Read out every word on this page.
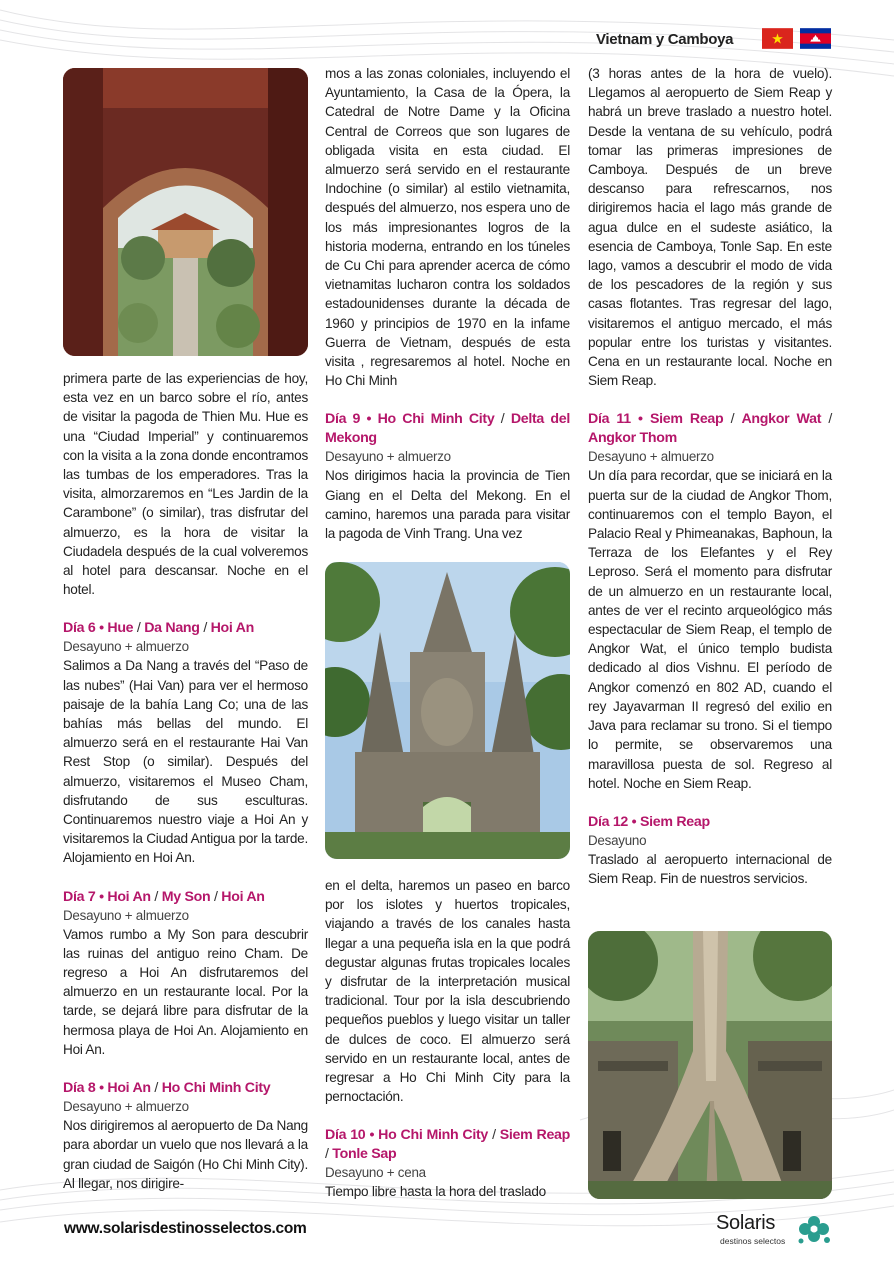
Vietnam y Camboya

primera parte de las experiencias de hoy, esta vez en un barco sobre el río, antes de visitar la pagoda de Thien Mu. Hue es una “Ciudad Imperial” y continuaremos con la visita a la zona donde encontramos las tumbas de los emperadores. Tras la visita, almorzaremos en “Les Jardin de la Carambone” (o similar), tras disfrutar del almuerzo, es la hora de visitar la Ciudadela después de la cual volveremos al hotel para descansar. Noche en el hotel.

Día 6 • Hue / Da Nang / Hoi An

Desayuno + almuerzo

Salimos a Da Nang a través del “Paso de las nubes” (Hai Van) para ver el hermoso paisaje de la bahía Lang Co; una de las bahías más bellas del mundo. El almuerzo será en el restaurante Hai Van Rest Stop (o similar). Después del almuerzo, visitaremos el Museo Cham, disfrutando de sus esculturas. Continuaremos nuestro viaje a Hoi An y visitaremos la Ciudad Antigua por la tarde. Alojamiento en Hoi An.

Día 7 • Hoi An / My Son / Hoi An

Desayuno + almuerzo

Vamos rumbo a My Son para descubrir las ruinas del antiguo reino Cham. De regreso a Hoi An disfrutaremos del almuerzo en un restaurante local. Por la tarde, se dejará libre para disfrutar de la hermosa playa de Hoi An. Alojamiento en Hoi An.

Día 8 • Hoi An / Ho Chi Minh City

Desayuno + almuerzo

Nos dirigiremos al aeropuerto de Da Nang para abordar un vuelo que nos llevará a la gran ciudad de Saigón (Ho Chi Minh City). Al llegar, nos dirigire-

mos a las zonas coloniales, incluyendo el Ayuntamiento, la Casa de la Ópera, la Catedral de Notre Dame y la Oficina Central de Correos que son lugares de obligada visita en esta ciudad. El almuerzo será servido en el restaurante Indochine (o similar) al estilo vietnamita, después del almuerzo, nos espera uno de los más impresionantes logros de la historia moderna, entrando en los túneles de Cu Chi para aprender acerca de cómo vietnamitas lucharon contra los soldados estadounidenses durante la década de 1960 y principios de 1970 en la infame Guerra de Vietnam, después de esta visita , regresaremos al hotel. Noche en Ho Chi Minh

Día 9 • Ho Chi Minh City / Delta del Mekong

Desayuno + almuerzo

Nos dirigimos hacia la provincia de Tien Giang en el Delta del Mekong. En el camino, haremos una parada para visitar la pagoda de Vinh Trang. Una vez

en el delta, haremos un paseo en barco por los islotes y huertos tropicales, viajando a través de los canales hasta llegar a una pequeña isla en la que podrá degustar algunas frutas tropicales locales y disfrutar de la interpretación musical tradicional. Tour por la isla descubriendo pequeños pueblos y luego visitar un taller de dulces de coco. El almuerzo será servido en un restaurante local, antes de regresar a Ho Chi Minh City para la pernoctación.

Día 10 • Ho Chi Minh City / Siem Reap / Tonle Sap

Desayuno + cena

Tiempo libre hasta la hora del traslado

(3 horas antes de la hora de vuelo). Llegamos al aeropuerto de Siem Reap y habrá un breve traslado a nuestro hotel. Desde la ventana de su vehículo, podrá tomar las primeras impresiones de Camboya. Después de un breve descanso para refrescarnos, nos dirigiremos hacia el lago más grande de agua dulce en el sudeste asiático, la esencia de Camboya, Tonle Sap. En este lago, vamos a descubrir el modo de vida de los pescadores de la región y sus casas flotantes. Tras regresar del lago, visitaremos el antiguo mercado, el más popular entre los turistas y visitantes. Cena en un restaurante local. Noche en Siem Reap.

Día 11 • Siem Reap / Angkor Wat / Angkor Thom

Desayuno + almuerzo

Un día para recordar, que se iniciará en la puerta sur de la ciudad de Angkor Thom, continuaremos con el templo Bayon, el Palacio Real y Phimeanakas, Baphoun, la Terraza de los Elefantes y el Rey Leproso. Será el momento para disfrutar de un almuerzo en un restaurante local, antes de ver el recinto arqueológico más espectacular de Siem Reap, el templo de Angkor Wat, el único templo budista dedicado al dios Vishnu. El período de Angkor comenzó en 802 AD, cuando el rey Jayavarman II regresó del exilio en Java para reclamar su trono. Si el tiempo lo permite, se observaremos una maravillosa puesta de sol. Regreso al hotel. Noche en Siem Reap.

Día 12 • Siem Reap

Desayuno

Traslado al aeropuerto internacional de Siem Reap. Fin de nuestros servicios.

www.solarisdestinosselectos.com	Solaris
destinos selectos
